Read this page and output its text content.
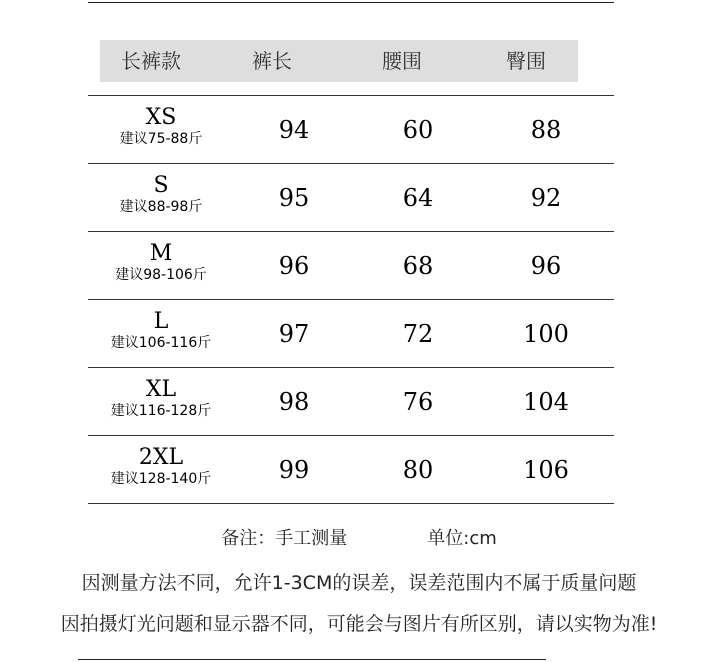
长裤款	裤长	腰围	臀围
XS
建议75-88斤	94	60	88
S
建议88-98斤	95	64	92
M
建议98-106斤	96	68	96
L
建议106-116斤	97	72	100
XL
建议116-128斤	98	76	104
2XL
建议128-140斤	99	80	106
备注：手工测量	单位:cm
因测量方法不同，允许1-3CM的误差，误差范围内不属于质量问题
因拍摄灯光问题和显示器不同，可能会与图片有所区别，请以实物为准!
